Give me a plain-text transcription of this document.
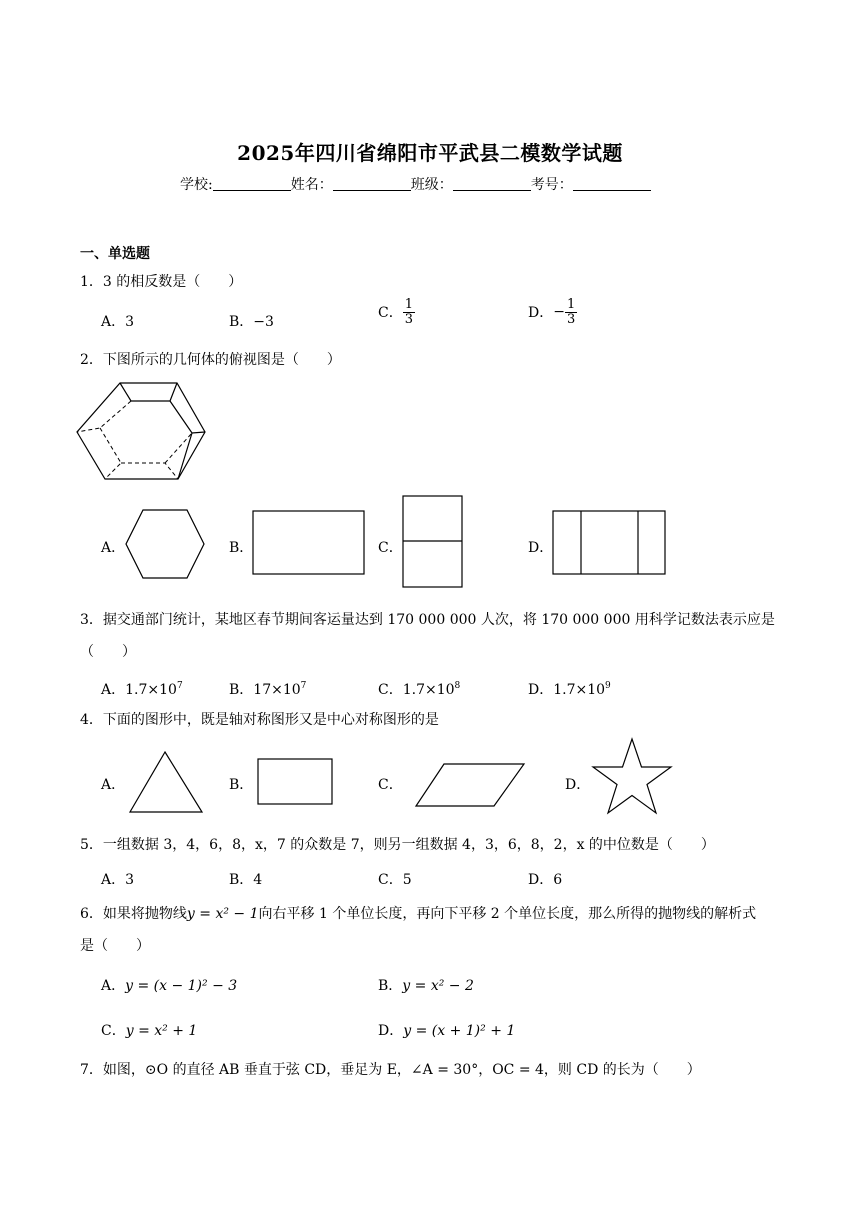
2025年四川省绵阳市平武县二模数学试题
学校:	姓名：	班级：	考号：
一、单选题
1．3 的相反数是（　　）
A．3	B．−3
C． $\frac{1}{3}$	D．− $\frac{1}{3}$
2．下图所示的几何体的俯视图是（　　）
A．	B．	C．	D．
3．据交通部门统计，某地区春节期间客运量达到 170 000 000 人次，将 170 000 000 用科学记数法表示应是
（　　）
A．$1.7\times 10^7$	B．$17\times 10^7$	C．$1.7\times 10^8$	D．$1.7\times 10^9$
4．下面的图形中，既是轴对称图形又是中心对称图形的是
A．	B．	C．	D．
5．一组数据 3，4，6，8，x，7 的众数是 7，则另一组数据 4，3，6，8，2，x 的中位数是（　　）
A．3	B．4	C．5	D．6
6．如果将抛物线y = x² − 1向右平移 1 个单位长度，再向下平移 2 个单位长度，那么所得的抛物线的解析式
是（　　）
A．y = (x − 1)² − 3	B．y = x² − 2
C．y = x² + 1	D．y = (x + 1)² + 1
7．如图，⊙O 的直径 AB 垂直于弦 CD，垂足为 E，∠A = 30°，OC = 4，则 CD 的长为（　　）
